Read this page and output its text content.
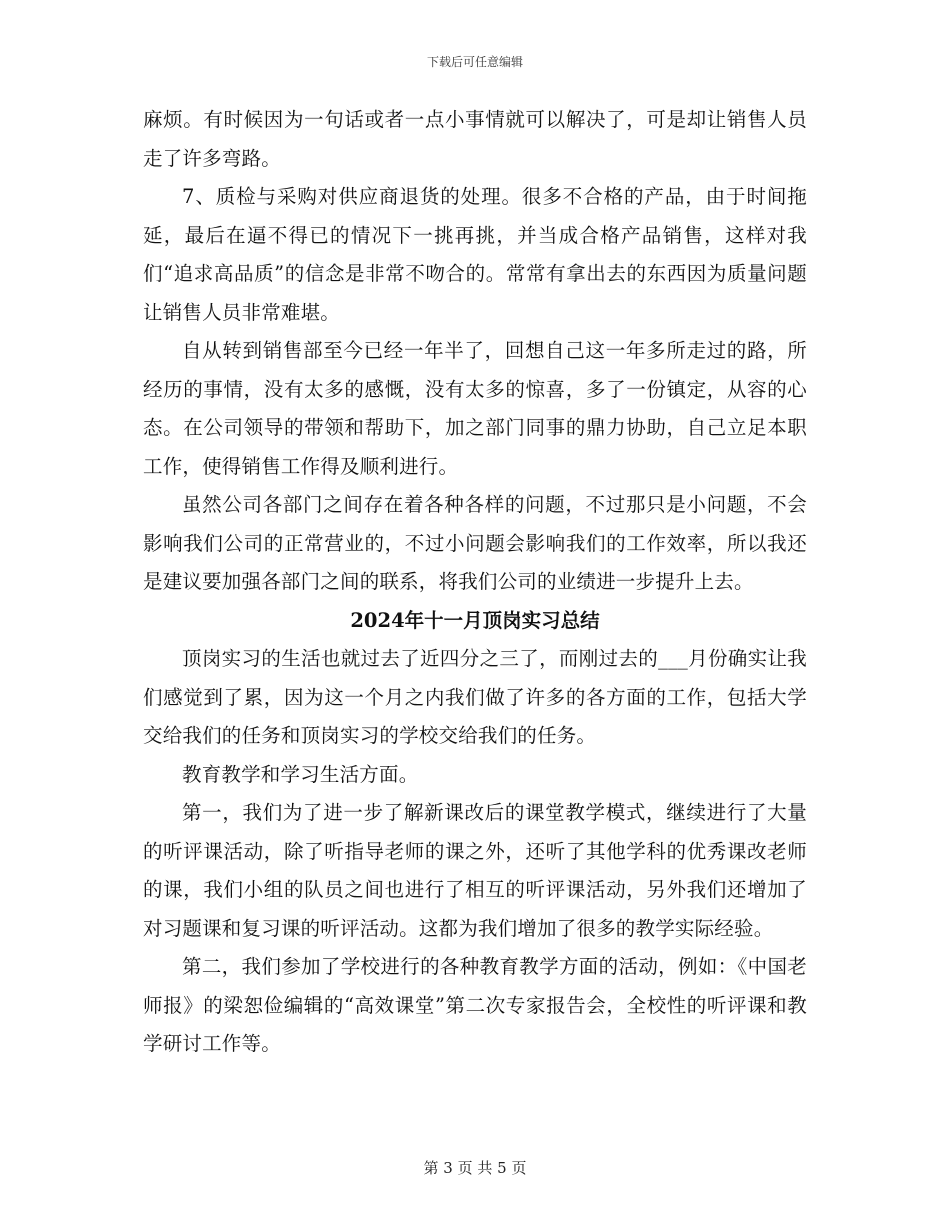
下载后可任意编辑

麻烦。有时候因为一句话或者一点小事情就可以解决了，可是却让销售人员走了许多弯路。

7、质检与采购对供应商退货的处理。很多不合格的产品，由于时间拖延，最后在逼不得已的情况下一挑再挑，并当成合格产品销售，这样对我们“追求高品质”的信念是非常不吻合的。常常有拿出去的东西因为质量问题让销售人员非常难堪。

自从转到销售部至今已经一年半了，回想自己这一年多所走过的路，所经历的事情，没有太多的感慨，没有太多的惊喜，多了一份镇定，从容的心态。在公司领导的带领和帮助下，加之部门同事的鼎力协助，自己立足本职工作，使得销售工作得及顺利进行。

虽然公司各部门之间存在着各种各样的问题，不过那只是小问题，不会影响我们公司的正常营业的，不过小问题会影响我们的工作效率，所以我还是建议要加强各部门之间的联系，将我们公司的业绩进一步提升上去。

2024年十一月顶岗实习总结

顶岗实习的生活也就过去了近四分之三了，而刚过去的___月份确实让我们感觉到了累，因为这一个月之内我们做了许多的各方面的工作，包括大学交给我们的任务和顶岗实习的学校交给我们的任务。

教育教学和学习生活方面。

第一，我们为了进一步了解新课改后的课堂教学模式，继续进行了大量的听评课活动，除了听指导老师的课之外，还听了其他学科的优秀课改老师的课，我们小组的队员之间也进行了相互的听评课活动，另外我们还增加了对习题课和复习课的听评活动。这都为我们增加了很多的教学实际经验。

第二，我们参加了学校进行的各种教育教学方面的活动，例如：《中国老师报》的梁恕俭编辑的“高效课堂”第二次专家报告会，全校性的听评课和教学研讨工作等。

第 3 页 共 5 页
